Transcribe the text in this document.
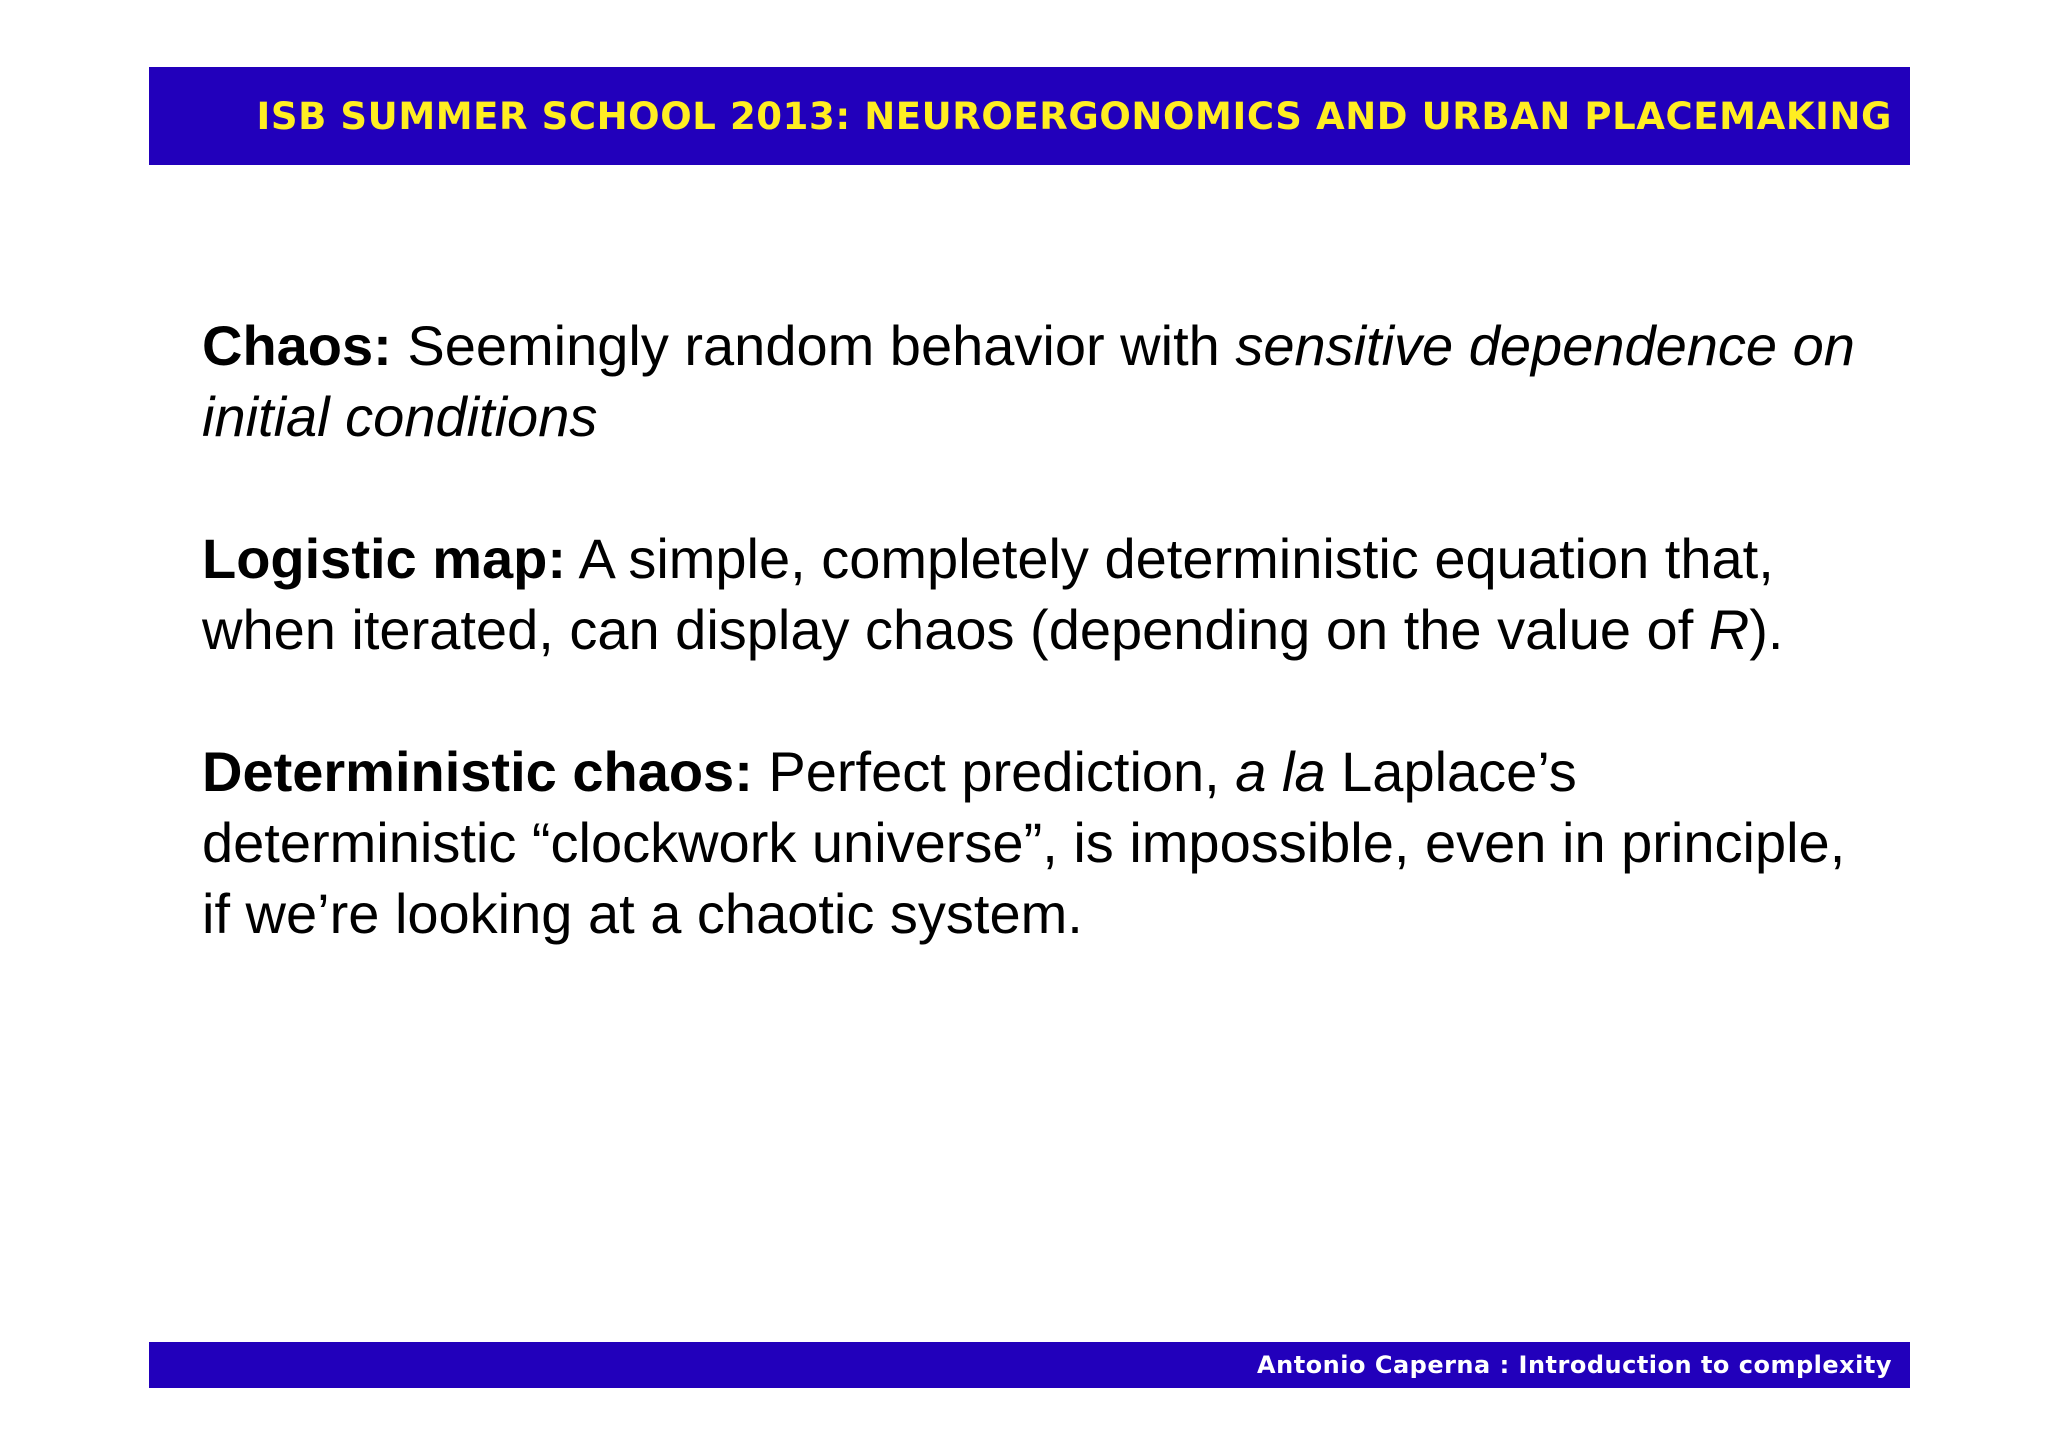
ISB SUMMER SCHOOL 2013: NEUROERGONOMICS AND URBAN PLACEMAKING

Chaos: Seemingly random behavior with sensitive dependence on initial conditions

Logistic map: A simple, completely deterministic equation that, when iterated, can display chaos (depending on the value of R).

Deterministic chaos: Perfect prediction, a la Laplace’s deterministic “clockwork universe”, is impossible, even in principle, if we’re looking at a chaotic system.

Antonio Caperna : Introduction to complexity
